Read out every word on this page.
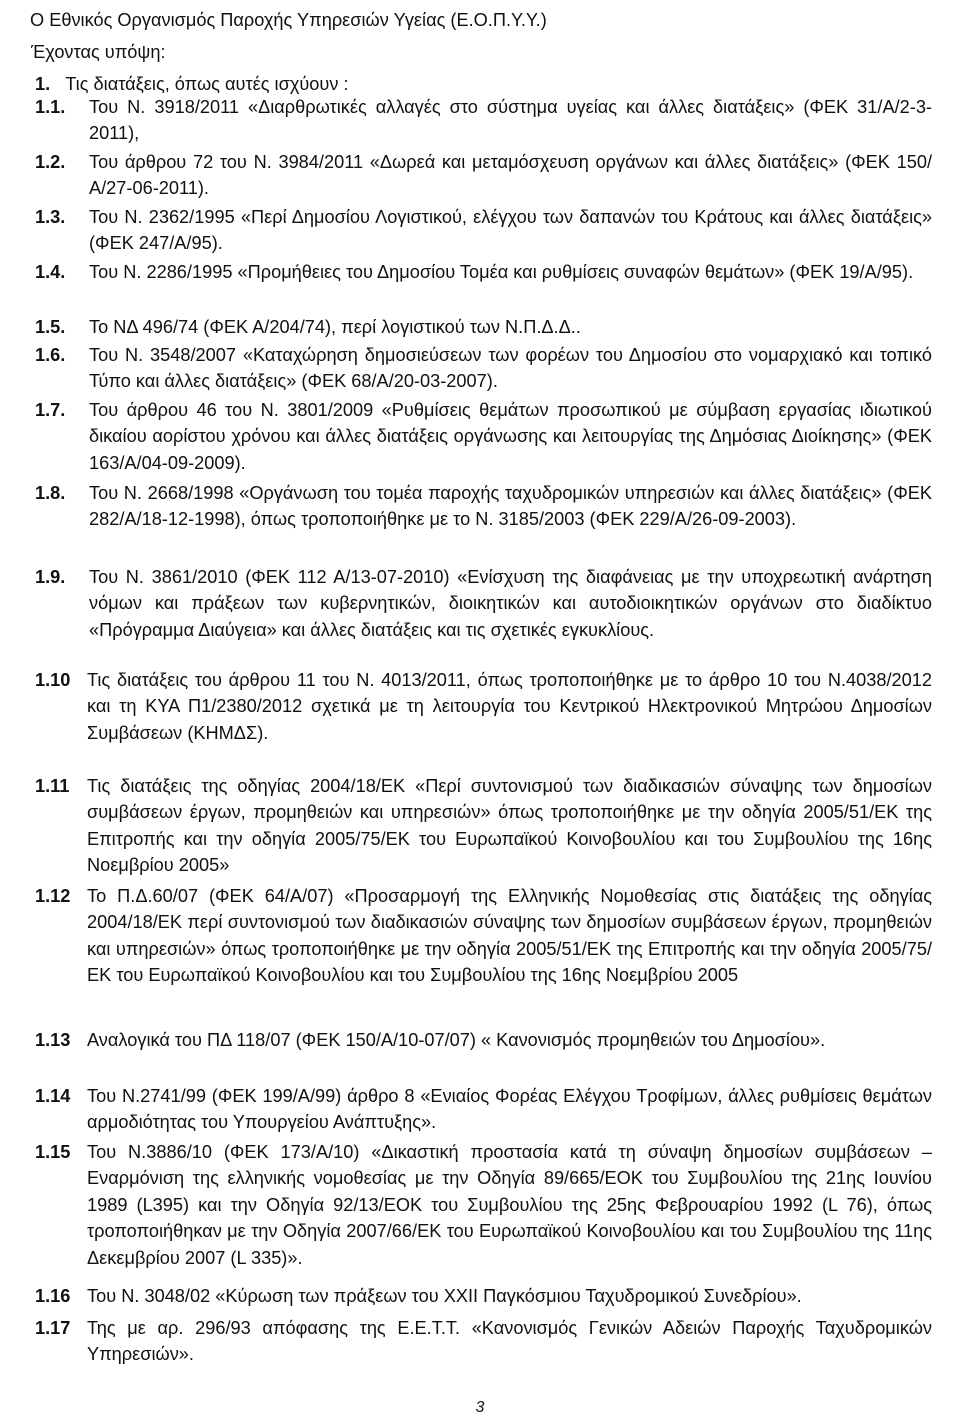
Ο Εθνικός Οργανισμός Παροχής Υπηρεσιών Υγείας (Ε.Ο.Π.Υ.Υ.)
Έχοντας υπόψη:
1. Τις διατάξεις, όπως αυτές ισχύουν :
1.1. Του Ν. 3918/2011 «Διαρθρωτικές αλλαγές στο σύστημα υγείας και άλλες διατάξεις» (ΦΕΚ 31/Α/2-3-2011),
1.2. Του άρθρου 72 του Ν. 3984/2011 «Δωρεά και μεταμόσχευση οργάνων και άλλες διατάξεις» (ΦΕΚ 150/Α/27-06-2011).
1.3. Του Ν. 2362/1995 «Περί Δημοσίου Λογιστικού, ελέγχου των δαπανών του Κράτους και άλλες διατάξεις» (ΦΕΚ 247/Α/95).
1.4. Του Ν. 2286/1995 «Προμήθειες του Δημοσίου Τομέα και ρυθμίσεις συναφών θεμάτων» (ΦΕΚ 19/Α/95).
1.5. Το ΝΔ 496/74 (ΦΕΚ Α/204/74), περί λογιστικού των Ν.Π.Δ.Δ..
1.6. Του Ν. 3548/2007 «Καταχώρηση δημοσιεύσεων των φορέων του Δημοσίου στο νομαρχιακό και τοπικό Τύπο και άλλες διατάξεις» (ΦΕΚ 68/Α/20-03-2007).
1.7. Του άρθρου 46 του Ν. 3801/2009 «Ρυθμίσεις θεμάτων προσωπικού με σύμβαση εργασίας ιδιωτικού δικαίου αορίστου χρόνου και άλλες διατάξεις οργάνωσης και λειτουργίας της Δημόσιας Διοίκησης» (ΦΕΚ 163/Α/04-09-2009).
1.8. Του Ν. 2668/1998 «Οργάνωση του τομέα παροχής ταχυδρομικών υπηρεσιών και άλλες διατάξεις» (ΦΕΚ 282/Α/18-12-1998), όπως τροποποιήθηκε με το Ν. 3185/2003 (ΦΕΚ 229/Α/26-09-2003).
1.9. Του Ν. 3861/2010 (ΦΕΚ 112 Α/13-07-2010) «Ενίσχυση της διαφάνειας με την υποχρεωτική ανάρτηση νόμων και πράξεων των κυβερνητικών, διοικητικών και αυτοδιοικητικών οργάνων στο διαδίκτυο «Πρόγραμμα Διαύγεια» και άλλες διατάξεις και τις σχετικές εγκυκλίους.
1.10 Τις διατάξεις του άρθρου 11 του Ν. 4013/2011, όπως τροποποιήθηκε με το άρθρο 10 του Ν.4038/2012 και τη ΚΥΑ Π1/2380/2012 σχετικά με τη λειτουργία του Κεντρικού Ηλεκτρονικού Μητρώου Δημοσίων Συμβάσεων (ΚΗΜΔΣ).
1.11 Τις διατάξεις της οδηγίας 2004/18/ΕΚ «Περί συντονισμού των διαδικασιών σύναψης των δημοσίων συμβάσεων έργων, προμηθειών και υπηρεσιών» όπως τροποποιήθηκε με την οδηγία 2005/51/ΕΚ της Επιτροπής και την οδηγία 2005/75/ΕΚ του Ευρωπαϊκού Κοινοβουλίου και του Συμβουλίου της 16ης Νοεμβρίου 2005»
1.12 Το Π.Δ.60/07 (ΦΕΚ 64/Α/07) «Προσαρμογή της Ελληνικής Νομοθεσίας στις διατάξεις της οδηγίας 2004/18/ΕΚ περί συντονισμού των διαδικασιών σύναψης των δημοσίων συμβάσεων έργων, προμηθειών και υπηρεσιών» όπως τροποποιήθηκε με την οδηγία 2005/51/ΕΚ της Επιτροπής και την οδηγία 2005/75/ΕΚ του Ευρωπαϊκού Κοινοβουλίου και του Συμβουλίου της 16ης Νοεμβρίου 2005
1.13 Αναλογικά του ΠΔ 118/07 (ΦΕΚ 150/Α/10-07/07) « Κανονισμός προμηθειών του Δημοσίου».
1.14 Του Ν.2741/99 (ΦΕΚ 199/Α/99) άρθρο 8 «Ενιαίος Φορέας Ελέγχου Τροφίμων, άλλες ρυθμίσεις θεμάτων αρμοδιότητας του Υπουργείου Ανάπτυξης».
1.15 Του Ν.3886/10 (ΦΕΚ 173/Α/10) «Δικαστική προστασία κατά τη σύναψη δημοσίων συμβάσεων – Εναρμόνιση της ελληνικής νομοθεσίας με την Οδηγία 89/665/ΕΟΚ του Συμβουλίου της 21ης Ιουνίου 1989 (L395) και την Οδηγία 92/13/ΕΟΚ του Συμβουλίου της 25ης Φεβρουαρίου 1992 (L 76), όπως τροποποιήθηκαν με την Οδηγία 2007/66/ΕΚ του Ευρωπαϊκού Κοινοβουλίου και του Συμβουλίου της 11ης Δεκεμβρίου 2007 (L 335)».
1.16 Του Ν. 3048/02 «Κύρωση των πράξεων του XXII Παγκόσμιου Ταχυδρομικού Συνεδρίου».
1.17 Της με αρ. 296/93 απόφασης της Ε.Ε.Τ.Τ. «Κανονισμός Γενικών Αδειών Παροχής Ταχυδρομικών Υπηρεσιών».
3
